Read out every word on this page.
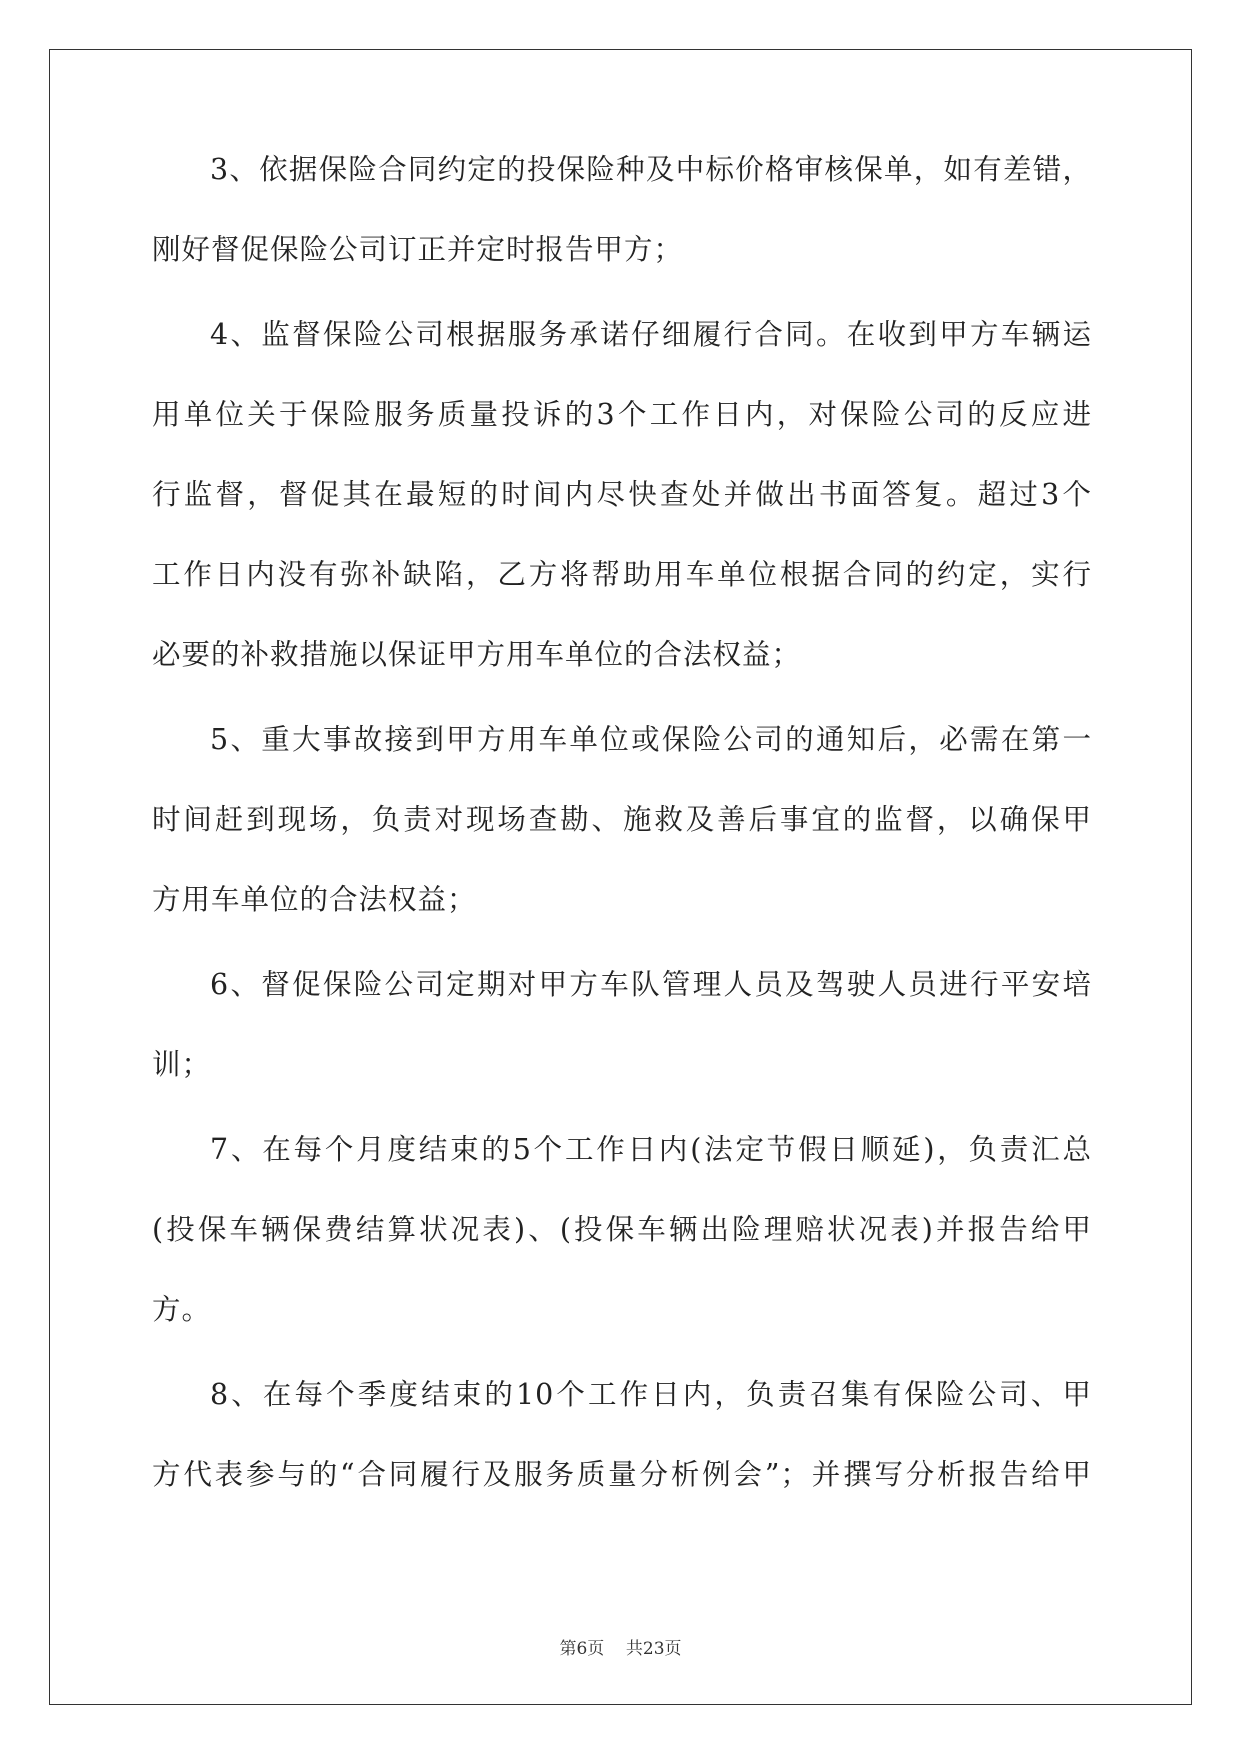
3、依据保险合同约定的投保险种及中标价格审核保单，如有差错，
刚好督促保险公司订正并定时报告甲方；
4、监督保险公司根据服务承诺仔细履行合同。在收到甲方车辆运
用单位关于保险服务质量投诉的3个工作日内，对保险公司的反应进
行监督，督促其在最短的时间内尽快查处并做出书面答复。超过3个
工作日内没有弥补缺陷，乙方将帮助用车单位根据合同的约定，实行
必要的补救措施以保证甲方用车单位的合法权益；
5、重大事故接到甲方用车单位或保险公司的通知后，必需在第一
时间赶到现场，负责对现场查勘、施救及善后事宜的监督，以确保甲
方用车单位的合法权益；
6、督促保险公司定期对甲方车队管理人员及驾驶人员进行平安培
训；
7、在每个月度结束的5个工作日内(法定节假日顺延)，负责汇总
(投保车辆保费结算状况表)、(投保车辆出险理赔状况表)并报告给甲
方。
8、在每个季度结束的10个工作日内，负责召集有保险公司、甲
方代表参与的“合同履行及服务质量分析例会”；并撰写分析报告给甲
第6页 共23页
